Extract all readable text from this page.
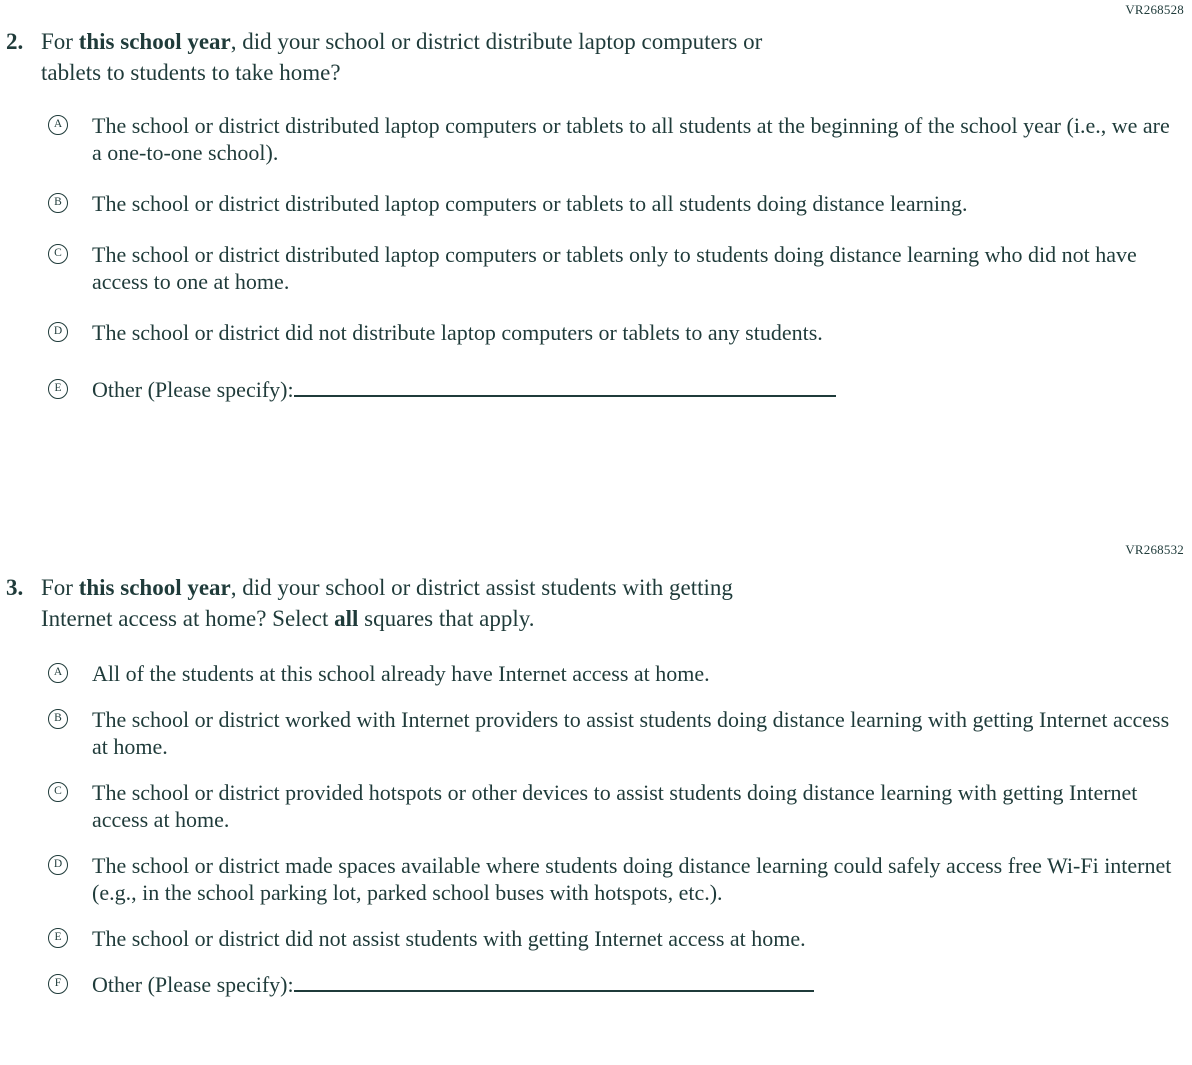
VR268528
2. For this school year, did your school or district distribute laptop computers or
tablets to students to take home?
A The school or district distributed laptop computers or tablets to all students at the beginning of the school year (i.e., we are a one-to-one school).
B The school or district distributed laptop computers or tablets to all students doing distance learning.
C The school or district distributed laptop computers or tablets only to students doing distance learning who did not have access to one at home.
D The school or district did not distribute laptop computers or tablets to any students.
E Other (Please specify):
VR268532
3. For this school year, did your school or district assist students with getting
Internet access at home? Select all squares that apply.
A All of the students at this school already have Internet access at home.
B The school or district worked with Internet providers to assist students doing distance learning with getting Internet access at home.
C The school or district provided hotspots or other devices to assist students doing distance learning with getting Internet access at home.
D The school or district made spaces available where students doing distance learning could safely access free Wi-Fi internet (e.g., in the school parking lot, parked school buses with hotspots, etc.).
E The school or district did not assist students with getting Internet access at home.
F	Other (Please specify):
